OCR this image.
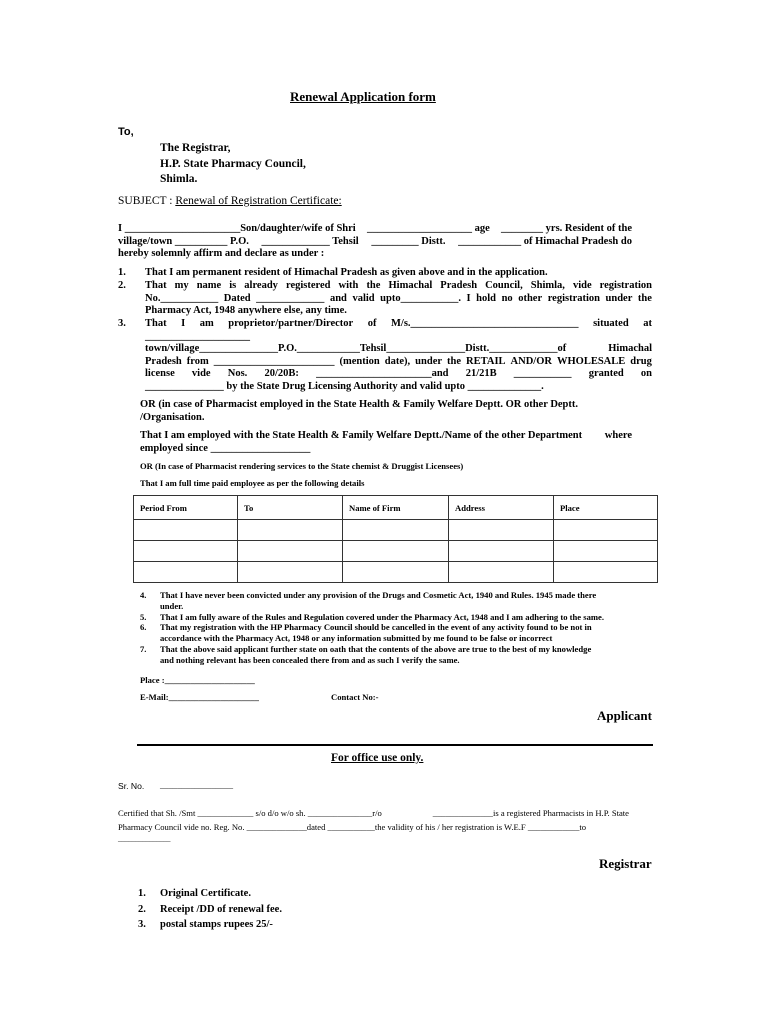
Renewal Application form
To,
The Registrar,
H.P. State Pharmacy Council,
Shimla.
SUBJECT : Renewal of Registration Certificate:
I ______________________Son/daughter/wife of Shri ____________________ age ________ yrs. Resident of the
village/town __________ P.O. _____________ Tehsil _________ Distt. ____________ of Himachal Pradesh do
hereby solemnly affirm and declare as under :
1. That I am permanent resident of Himachal Pradesh as given above and in the application.
2. That my name is already registered with the Himachal Pradesh Council, Shimla, vide registration
No.___________ Dated _____________ and valid upto___________. I hold no other registration under the
Pharmacy Act, 1948 anywhere else, any time.
3. That I am proprietor/partner/Director of M/s.________________________________ situated at
____________________
town/village_______________P.O.____________Tehsil_______________Distt._____________of	Himachal
Pradesh from _______________________ (mention date), under the RETAIL AND/OR WHOLESALE drug
license vide Nos. 20/20B: ______________________and 21/21B ___________ granted on
_______________ by the State Drug Licensing Authority and valid upto ______________.
OR (in case of Pharmacist employed in the State Health & Family Welfare Deptt. OR other Deptt.
/Organisation.
That I am employed with the State Health & Family Welfare Deptt./Name of the other Department where
employed since ___________________
OR (In case of Pharmacist rendering services to the State chemist & Druggist Licensees)
That I am full time paid employee as per the following details
Period From	To	Name of Firm	Address	Place

4.	That I have never been convicted under any provision of the Drugs and Cosmetic Act, 1940 and Rules. 1945 made there
under.
5.	That I am fully aware of the Rules and Regulation covered under the Pharmacy Act, 1948 and I am adhering to the same.
6.	That my registration with the HP Pharmacy Council should be cancelled in the event of any activity found to be not in
accordance with the Pharmacy Act, 1948 or any information submitted by me found to be false or incorrect
7.	That the above said applicant further state on oath that the contents of the above are true to the best of my knowledge
and nothing relevant has been concealed there from and as such I verify the same.
Place :_____________________
E-Mail:_____________________	Contact No:-
Applicant
For office use only.
Sr. No. _________________
Certified that Sh. /Smt _____________ s/o d/o w/o sh. _______________r/o	______________is a registered Pharmacists in H.P. State
Pharmacy Council vide no. Reg. No. ______________dated ___________the validity of his / her registration is W.E.F ____________to
_______________
Registrar
1.	Original Certificate.
2.	Receipt /DD of renewal fee.
3.	postal stamps rupees 25/-
